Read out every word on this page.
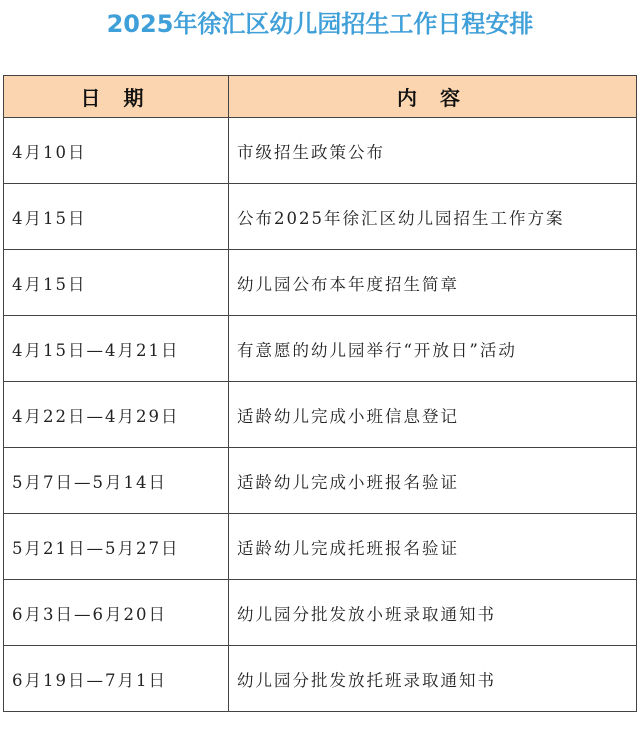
2025年徐汇区幼儿园招生工作日程安排
日 期	内 容
4月10日	市级招生政策公布
4月15日	公布2025年徐汇区幼儿园招生工作方案
4月15日	幼儿园公布本年度招生简章
4月15日—4月21日	有意愿的幼儿园举行“开放日”活动
4月22日—4月29日	适龄幼儿完成小班信息登记
5月7日—5月14日	适龄幼儿完成小班报名验证
5月21日—5月27日	适龄幼儿完成托班报名验证
6月3日—6月20日	幼儿园分批发放小班录取通知书
6月19日—7月1日	幼儿园分批发放托班录取通知书
